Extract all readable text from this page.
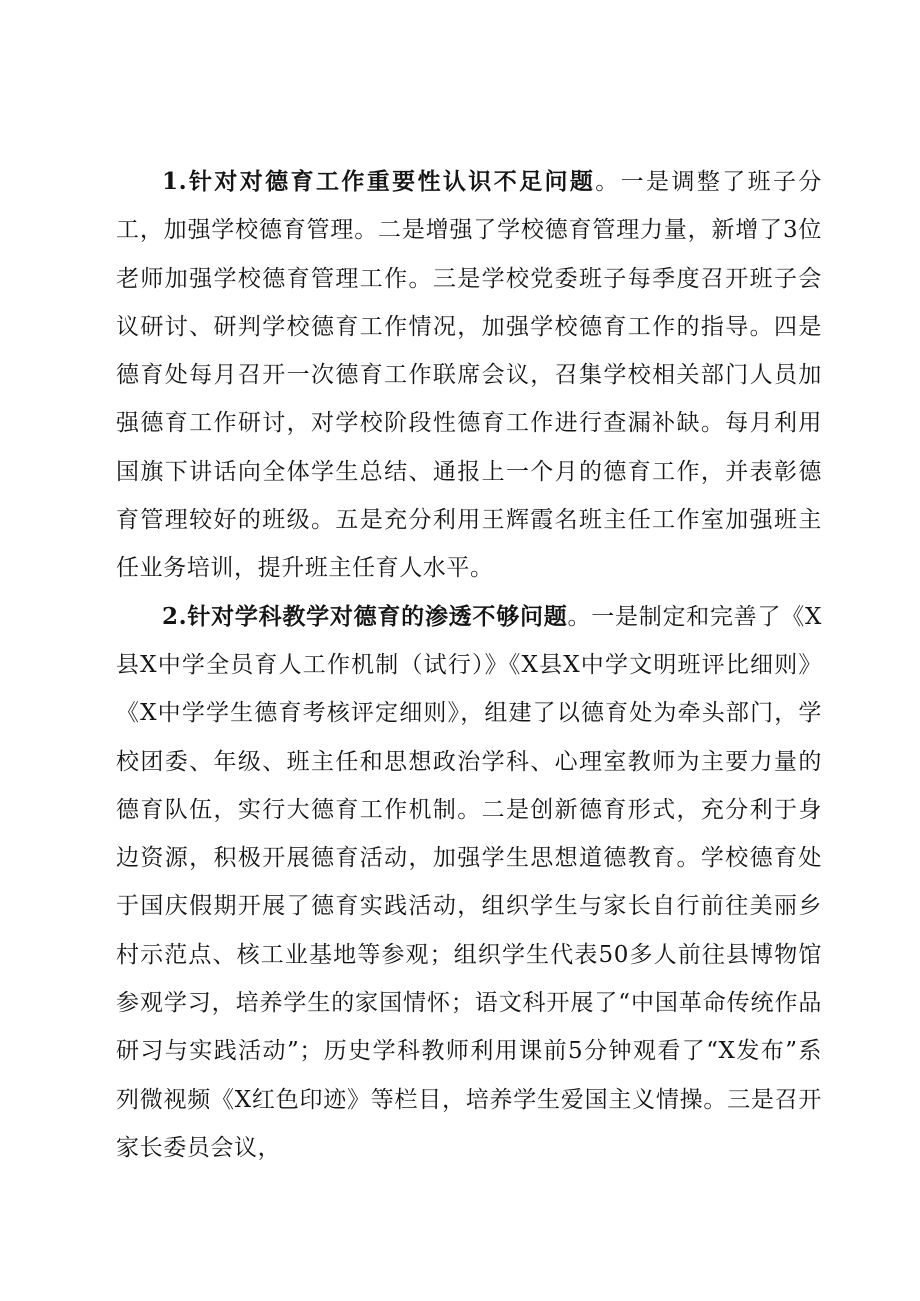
1.针对对德育工作重要性认识不足问题。一是调整了班子分工，加强学校德育管理。二是增强了学校德育管理力量，新增了3位老师加强学校德育管理工作。三是学校党委班子每季度召开班子会议研讨、研判学校德育工作情况，加强学校德育工作的指导。四是德育处每月召开一次德育工作联席会议，召集学校相关部门人员加强德育工作研讨，对学校阶段性德育工作进行查漏补缺。每月利用国旗下讲话向全体学生总结、通报上一个月的德育工作，并表彰德育管理较好的班级。五是充分利用王辉霞名班主任工作室加强班主任业务培训，提升班主任育人水平。

2.针对学科教学对德育的渗透不够问题。一是制定和完善了《X县X中学全员育人工作机制（试行）》《X县X中学文明班评比细则》《X中学学生德育考核评定细则》，组建了以德育处为牵头部门，学校团委、年级、班主任和思想政治学科、心理室教师为主要力量的德育队伍，实行大德育工作机制。二是创新德育形式，充分利于身边资源，积极开展德育活动，加强学生思想道德教育。学校德育处于国庆假期开展了德育实践活动，组织学生与家长自行前往美丽乡村示范点、核工业基地等参观；组织学生代表50多人前往县博物馆参观学习，培养学生的家国情怀；语文科开展了“中国革命传统作品研习与实践活动”；历史学科教师利用课前5分钟观看了“X发布”系列微视频《X红色印迹》等栏目，培养学生爱国主义情操。三是召开家长委员会议，
